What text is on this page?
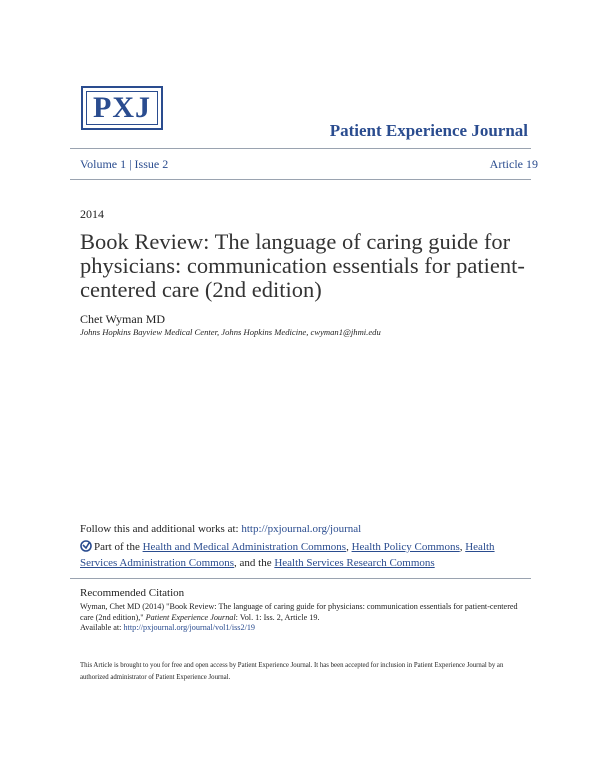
PXJ
Patient Experience Journal
Volume 1 | Issue 2	Article 19
2014
Book Review: The language of caring guide for physicians: communication essentials for patient-centered care (2nd edition)
Chet Wyman MD
Johns Hopkins Bayview Medical Center, Johns Hopkins Medicine, cwyman1@jhmi.edu
Follow this and additional works at: http://pxjournal.org/journal
Part of the Health and Medical Administration Commons, Health Policy Commons, Health Services Administration Commons, and the Health Services Research Commons
Recommended Citation
Wyman, Chet MD (2014) "Book Review: The language of caring guide for physicians: communication essentials for patient-centered care (2nd edition)," Patient Experience Journal: Vol. 1: Iss. 2, Article 19.
Available at: http://pxjournal.org/journal/vol1/iss2/19
This Article is brought to you for free and open access by Patient Experience Journal. It has been accepted for inclusion in Patient Experience Journal by an authorized administrator of Patient Experience Journal.
